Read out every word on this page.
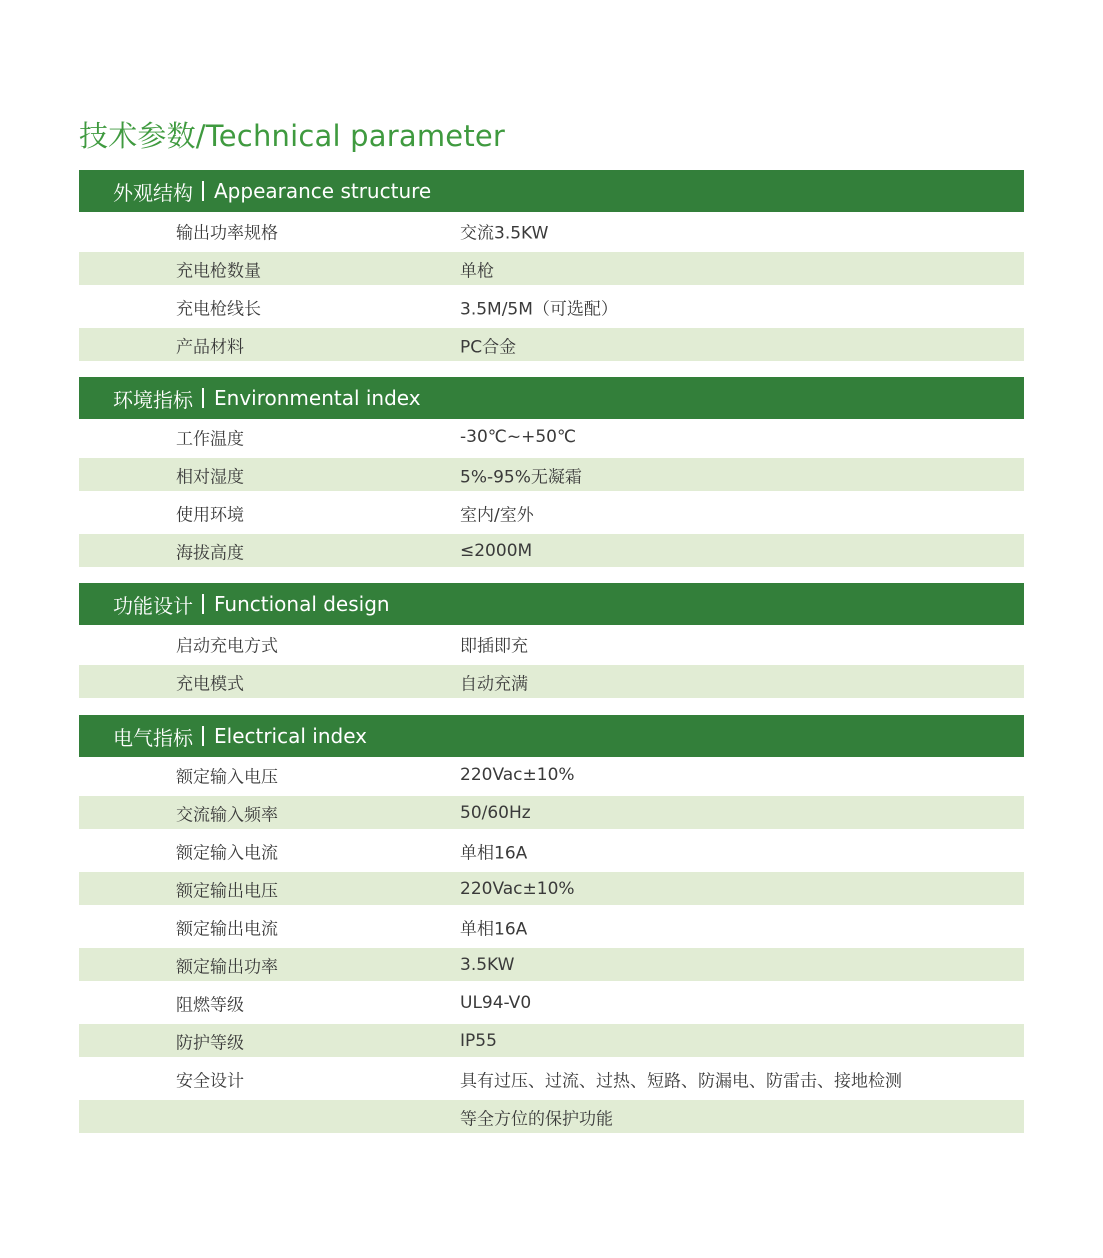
技术参数/Technical parameter
外观结构 Appearance structure
输出功率规格	交流3.5KW
充电枪数量	单枪
充电枪线长	3.5M/5M（可选配）
产品材料	PC合金
环境指标 Environmental index
工作温度	-30℃~+50℃
相对湿度	5%-95%无凝霜
使用环境	室内/室外
海拔高度	≤2000M
功能设计 Functional design
启动充电方式	即插即充
充电模式	自动充满
电气指标 Electrical index
额定输入电压	220Vac±10%
交流输入频率	50/60Hz
额定输入电流	单相16A
额定输出电压	220Vac±10%
额定输出电流	单相16A
额定输出功率	3.5KW
阻燃等级	UL94-V0
防护等级	IP55
安全设计	具有过压、过流、过热、短路、防漏电、防雷击、接地检测
等全方位的保护功能
